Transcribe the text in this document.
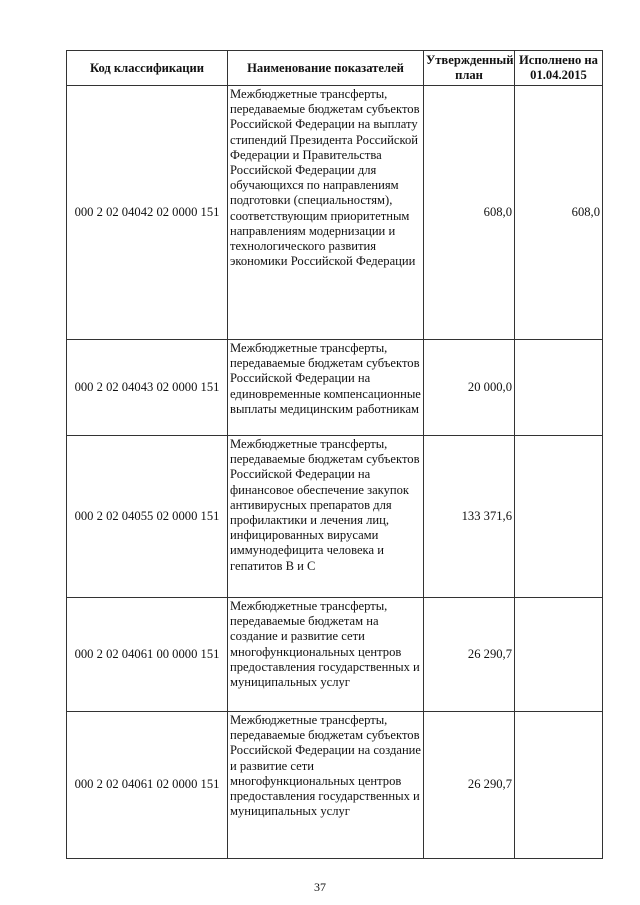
Код классификации	Наименование показателей	Утвержденный план	Исполнено на 01.04.2015
000 2 02 04042 02 0000 151	Межбюджетные трансферты, передаваемые бюджетам субъектов Российской Федерации на выплату стипендий Президента Российской Федерации и Правительства Российской Федерации для обучающихся по направлениям подготовки (специальностям), соответствующим приоритетным направлениям модернизации и технологического развития экономики Российской Федерации	608,0	608,0
000 2 02 04043 02 0000 151	Межбюджетные трансферты, передаваемые бюджетам субъектов Российской Федерации на единовременные компенсационные выплаты медицинским работникам	20 000,0	
000 2 02 04055 02 0000 151	Межбюджетные трансферты, передаваемые бюджетам субъектов Российской Федерации на финансовое обеспечение закупок антивирусных препаратов для профилактики и лечения лиц, инфицированных вирусами иммунодефицита человека и гепатитов В и С	133 371,6	
000 2 02 04061 00 0000 151	Межбюджетные трансферты, передаваемые бюджетам на создание и развитие сети многофункциональных центров предоставления государственных и муниципальных услуг	26 290,7	
000 2 02 04061 02 0000 151	Межбюджетные трансферты, передаваемые бюджетам субъектов Российской Федерации на создание и развитие сети многофункциональных центров предоставления государственных и муниципальных услуг	26 290,7	
37
